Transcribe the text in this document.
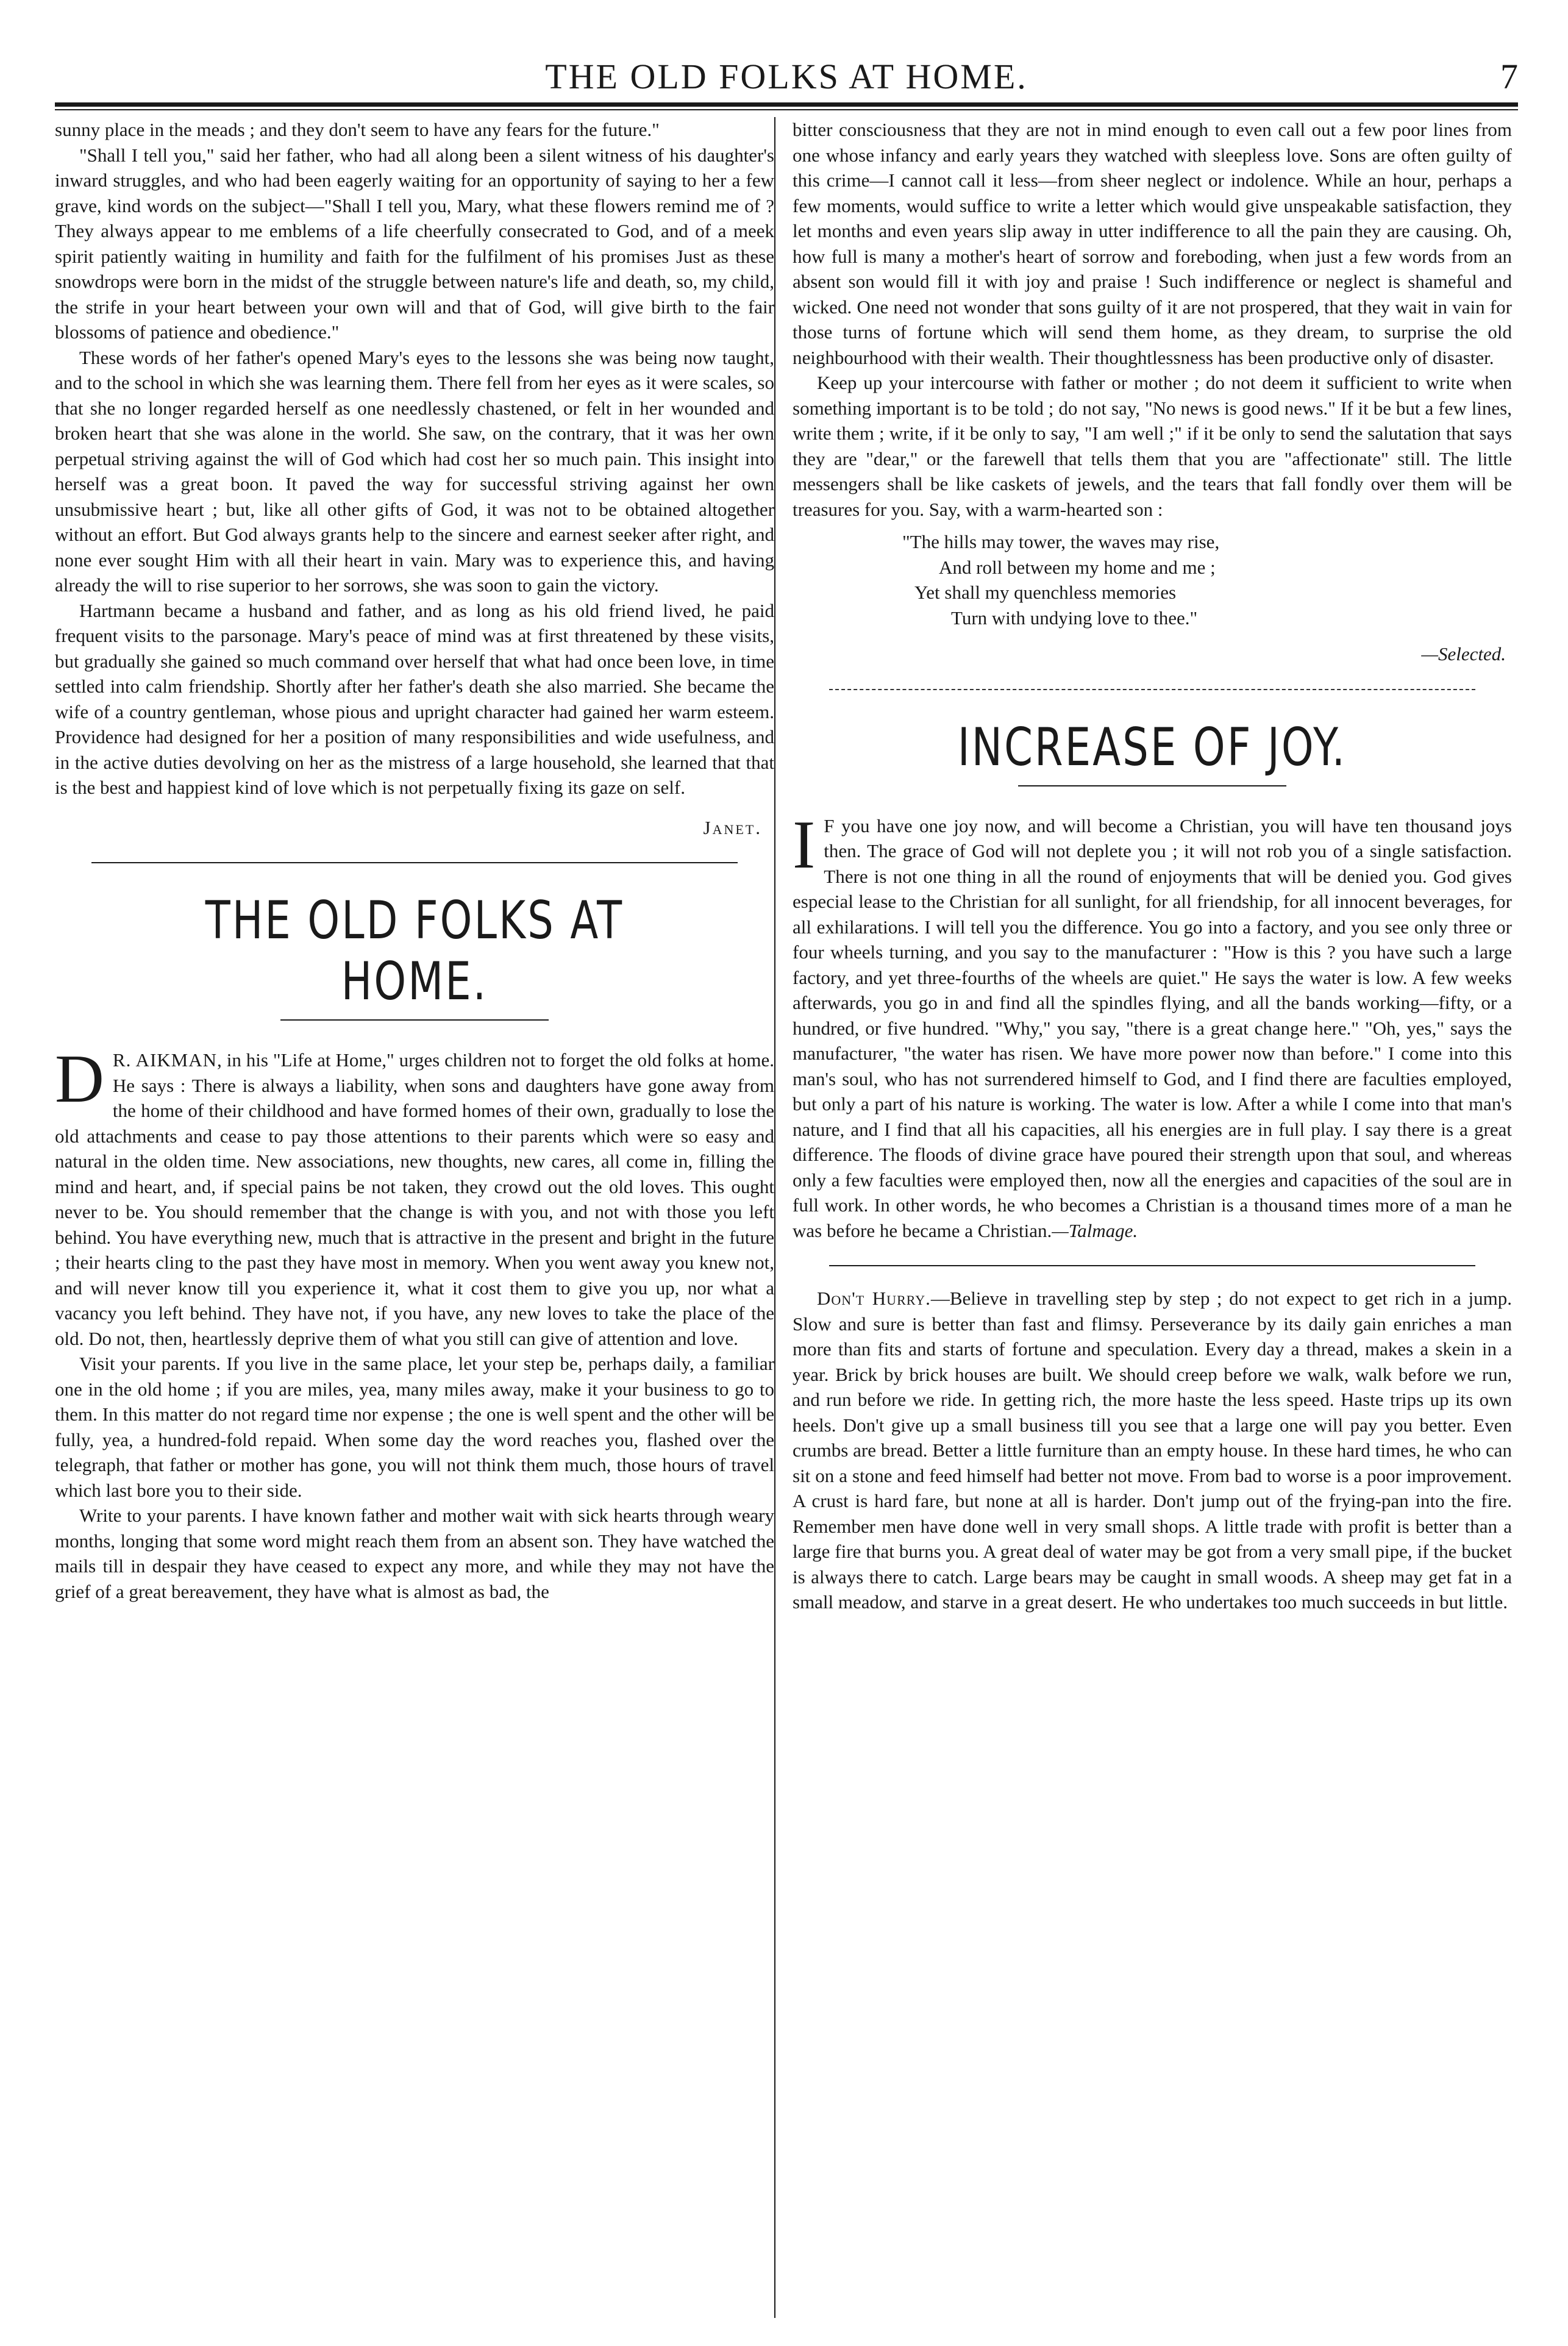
THE OLD FOLKS AT HOME.	7

sunny place in the meads ; and they don't seem to have any fears for the future."

"Shall I tell you," said her father, who had all along been a silent witness of his daughter's inward struggles, and who had been eagerly waiting for an opportunity of saying to her a few grave, kind words on the subject—"Shall I tell you, Mary, what these flowers remind me of ? They always appear to me emblems of a life cheerfully consecrated to God, and of a meek spirit patiently waiting in humility and faith for the fulfilment of his promises Just as these snowdrops were born in the midst of the struggle between nature's life and death, so, my child, the strife in your heart between your own will and that of God, will give birth to the fair blossoms of patience and obedience."

These words of her father's opened Mary's eyes to the lessons she was being now taught, and to the school in which she was learning them. There fell from her eyes as it were scales, so that she no longer regarded herself as one needlessly chastened, or felt in her wounded and broken heart that she was alone in the world. She saw, on the contrary, that it was her own perpetual striving against the will of God which had cost her so much pain. This insight into herself was a great boon. It paved the way for successful striving against her own unsubmissive heart ; but, like all other gifts of God, it was not to be obtained altogether without an effort. But God always grants help to the sincere and earnest seeker after right, and none ever sought Him with all their heart in vain. Mary was to experience this, and having already the will to rise superior to her sorrows, she was soon to gain the victory.

Hartmann became a husband and father, and as long as his old friend lived, he paid frequent visits to the parsonage. Mary's peace of mind was at first threatened by these visits, but gradually she gained so much command over herself that what had once been love, in time settled into calm friendship. Shortly after her father's death she also married. She became the wife of a country gentleman, whose pious and upright character had gained her warm esteem. Providence had designed for her a position of many responsibilities and wide usefulness, and in the active duties devolving on her as the mistress of a large household, she learned that that is the best and happiest kind of love which is not perpetually fixing its gaze on self.

Janet.

THE OLD FOLKS AT HOME.

D R. AIKMAN, in his "Life at Home," urges children not to forget the old folks at home. He says : There is always a liability, when sons and daughters have gone away from the home of their childhood and have formed homes of their own, gradually to lose the old attachments and cease to pay those attentions to their parents which were so easy and natural in the olden time. New associations, new thoughts, new cares, all come in, filling the mind and heart, and, if special pains be not taken, they crowd out the old loves. This ought never to be. You should remember that the change is with you, and not with those you left behind. You have everything new, much that is attractive in the present and bright in the future ; their hearts cling to the past they have most in memory. When you went away you knew not, and will never know till you experience it, what it cost them to give you up, nor what a vacancy you left behind. They have not, if you have, any new loves to take the place of the old. Do not, then, heartlessly deprive them of what you still can give of attention and love.

Visit your parents. If you live in the same place, let your step be, perhaps daily, a familiar one in the old home ; if you are miles, yea, many miles away, make it your business to go to them. In this matter do not regard time nor expense ; the one is well spent and the other will be fully, yea, a hundred-fold repaid. When some day the word reaches you, flashed over the telegraph, that father or mother has gone, you will not think them much, those hours of travel which last bore you to their side.

Write to your parents. I have known father and mother wait with sick hearts through weary months, longing that some word might reach them from an absent son. They have watched the mails till in despair they have ceased to expect any more, and while they may not have the grief of a great bereavement, they have what is almost as bad, the

bitter consciousness that they are not in mind enough to even call out a few poor lines from one whose infancy and early years they watched with sleepless love. Sons are often guilty of this crime—I cannot call it less—from sheer neglect or indolence. While an hour, perhaps a few moments, would suffice to write a letter which would give unspeakable satisfaction, they let months and even years slip away in utter indifference to all the pain they are causing. Oh, how full is many a mother's heart of sorrow and foreboding, when just a few words from an absent son would fill it with joy and praise ! Such indifference or neglect is shameful and wicked. One need not wonder that sons guilty of it are not prospered, that they wait in vain for those turns of fortune which will send them home, as they dream, to surprise the old neighbourhood with their wealth. Their thoughtlessness has been productive only of disaster.

Keep up your intercourse with father or mother ; do not deem it sufficient to write when something important is to be told ; do not say, "No news is good news." If it be but a few lines, write them ; write, if it be only to say, "I am well ;" if it be only to send the salutation that says they are "dear," or the farewell that tells them that you are "affectionate" still. The little messengers shall be like caskets of jewels, and the tears that fall fondly over them will be treasures for you. Say, with a warm-hearted son :

"The hills may tower, the waves may rise,
And roll between my home and me ;
Yet shall my quenchless memories
Turn with undying love to thee."

—Selected.

INCREASE OF JOY.

I F you have one joy now, and will become a Christian, you will have ten thousand joys then. The grace of God will not deplete you ; it will not rob you of a single satisfaction. There is not one thing in all the round of enjoyments that will be denied you. God gives especial lease to the Christian for all sunlight, for all friendship, for all innocent beverages, for all exhilarations. I will tell you the difference. You go into a factory, and you see only three or four wheels turning, and you say to the manufacturer : "How is this ? you have such a large factory, and yet three-fourths of the wheels are quiet." He says the water is low. A few weeks afterwards, you go in and find all the spindles flying, and all the bands working—fifty, or a hundred, or five hundred. "Why," you say, "there is a great change here." "Oh, yes," says the manufacturer, "the water has risen. We have more power now than before." I come into this man's soul, who has not surrendered himself to God, and I find there are faculties employed, but only a part of his nature is working. The water is low. After a while I come into that man's nature, and I find that all his capacities, all his energies are in full play. I say there is a great difference. The floods of divine grace have poured their strength upon that soul, and whereas only a few faculties were employed then, now all the energies and capacities of the soul are in full work. In other words, he who becomes a Christian is a thousand times more of a man he was before he became a Christian.—Talmage.

Don't Hurry.—Believe in travelling step by step ; do not expect to get rich in a jump. Slow and sure is better than fast and flimsy. Perseverance by its daily gain enriches a man more than fits and starts of fortune and speculation. Every day a thread, makes a skein in a year. Brick by brick houses are built. We should creep before we walk, walk before we run, and run before we ride. In getting rich, the more haste the less speed. Haste trips up its own heels. Don't give up a small business till you see that a large one will pay you better. Even crumbs are bread. Better a little furniture than an empty house. In these hard times, he who can sit on a stone and feed himself had better not move. From bad to worse is a poor improvement. A crust is hard fare, but none at all is harder. Don't jump out of the frying-pan into the fire. Remember men have done well in very small shops. A little trade with profit is better than a large fire that burns you. A great deal of water may be got from a very small pipe, if the bucket is always there to catch. Large bears may be caught in small woods. A sheep may get fat in a small meadow, and starve in a great desert. He who undertakes too much succeeds in but little.
